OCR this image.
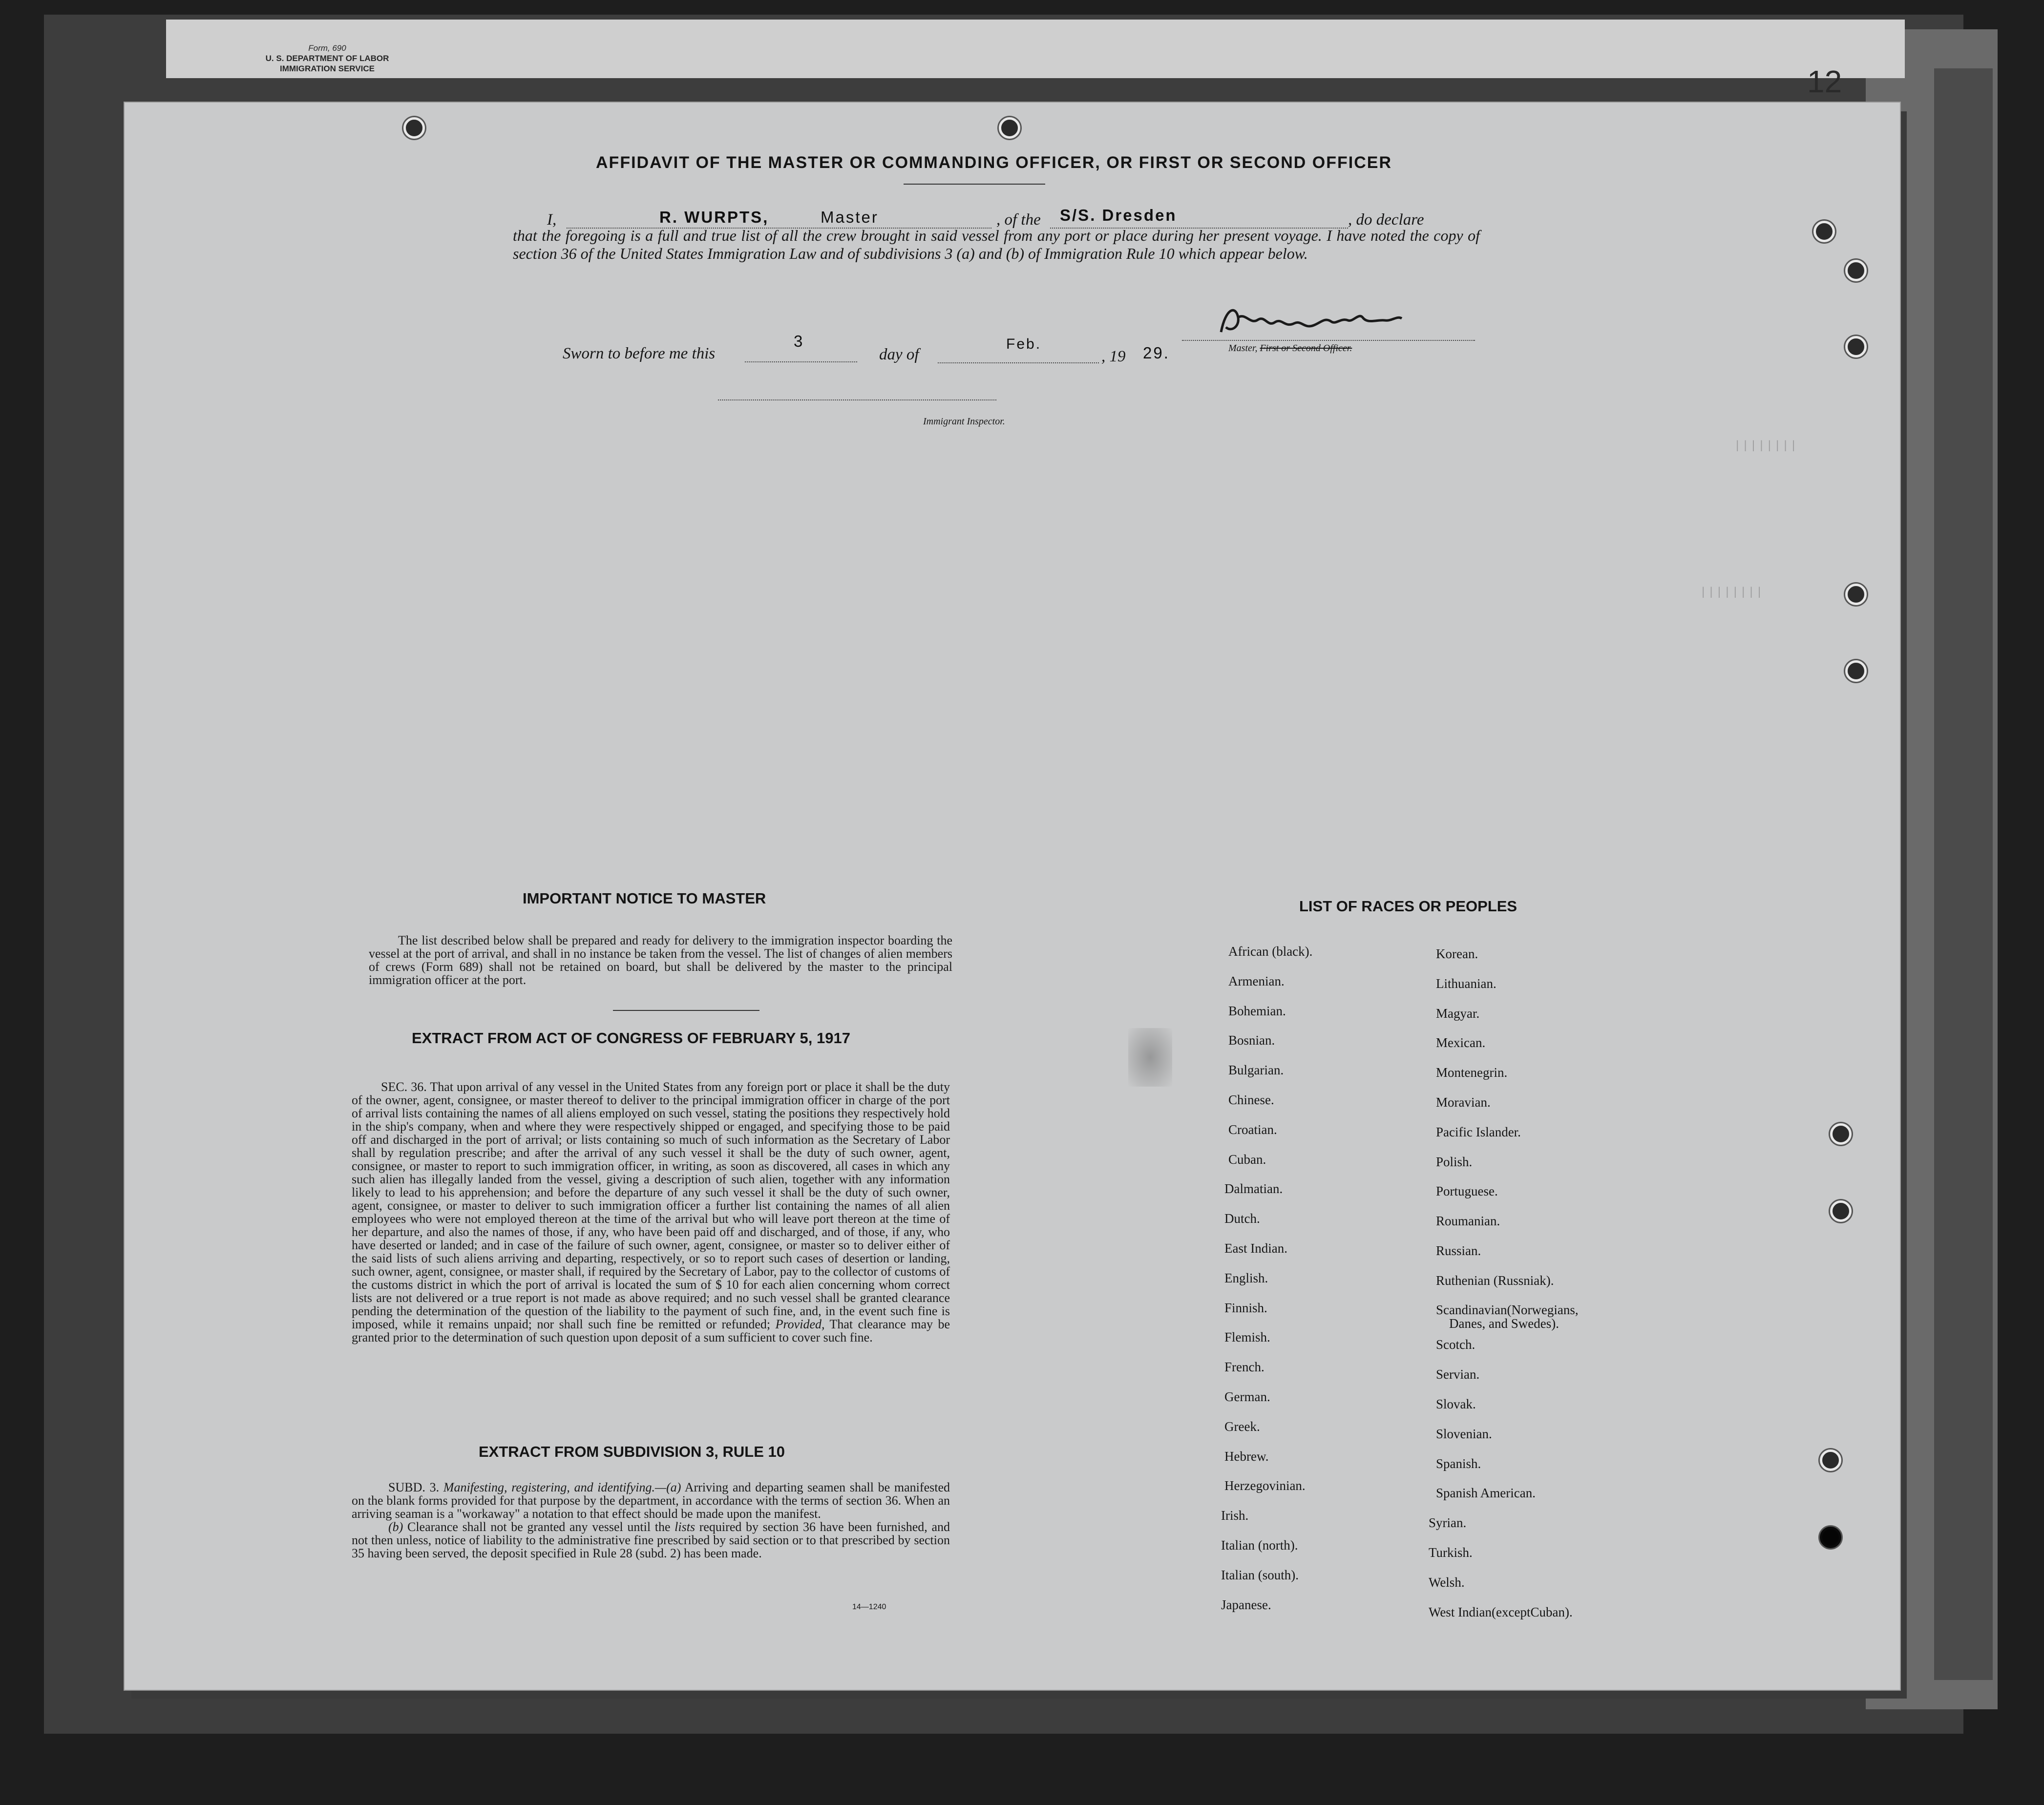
Form, 690
U. S. DEPARTMENT OF LABOR
IMMIGRATION SERVICE	12
||||||||
||||||||
AFFIDAVIT OF THE MASTER OR COMMANDING OFFICER, OR FIRST OR SECOND OFFICER
I,	R. WURPTS,	Master	, of the S/S. Dresden	, do declare
that the foregoing is a full and true list of all the crew brought in said vessel from any port or place during her present voyage. I have noted the copy of section 36 of the United States Immigration Law and of subdivisions 3 (a) and (b) of Immigration Rule 10 which appear below.
Sworn to before me this
3
day of
Feb.
, 19 29.	Master, First or Second Officer.
Immigrant Inspector.
IMPORTANT NOTICE TO MASTER
The list described below shall be prepared and ready for delivery to the immigration inspector boarding the vessel at the port of arrival, and shall in no instance be taken from the vessel. The list of changes of alien members of crews (Form 689) shall not be retained on board, but shall be delivered by the master to the principal immigration officer at the port.
EXTRACT FROM ACT OF CONGRESS OF FEBRUARY 5, 1917
SEC. 36. That upon arrival of any vessel in the United States from any foreign port or place it shall be the duty of the owner, agent, consignee, or master thereof to deliver to the principal immigration officer in charge of the port of arrival lists containing the names of all aliens employed on such vessel, stating the positions they respectively hold in the ship's company, when and where they were respectively shipped or engaged, and specifying those to be paid off and discharged in the port of arrival; or lists containing so much of such information as the Secretary of Labor shall by regulation prescribe; and after the arrival of any such vessel it shall be the duty of such owner, agent, consignee, or master to report to such immigration officer, in writing, as soon as discovered, all cases in which any such alien has illegally landed from the vessel, giving a description of such alien, together with any information likely to lead to his apprehension; and before the departure of any such vessel it shall be the duty of such owner, agent, consignee, or master to deliver to such immigration officer a further list containing the names of all alien employees who were not employed thereon at the time of the arrival but who will leave port thereon at the time of her departure, and also the names of those, if any, who have been paid off and discharged, and of those, if any, who have deserted or landed; and in case of the failure of such owner, agent, consignee, or master so to deliver either of the said lists of such aliens arriving and departing, respectively, or so to report such cases of desertion or landing, such owner, agent, consignee, or master shall, if required by the Secretary of Labor, pay to the collector of customs of the customs district in which the port of arrival is located the sum of $ 10 for each alien concerning whom correct lists are not delivered or a true report is not made as above required; and no such vessel shall be granted clearance pending the determination of the question of the liability to the payment of such fine, and, in the event such fine is imposed, while it remains unpaid; nor shall such fine be remitted or refunded; Provided, That clearance may be granted prior to the determination of such question upon deposit of a sum sufficient to cover such fine.
EXTRACT FROM SUBDIVISION 3, RULE 10
SUBD. 3. Manifesting, registering, and identifying.—(a) Arriving and departing seamen shall be manifested on the blank forms provided for that purpose by the department, in accordance with the terms of section 36. When an arriving seaman is a "workaway" a notation to that effect should be made upon the manifest.
(b) Clearance shall not be granted any vessel until the lists required by section 36 have been furnished, and not then unless, notice of liability to the administrative fine prescribed by said section or to that prescribed by section 35 having been served, the deposit specified in Rule 28 (subd. 2) has been made.
14—1240
LIST OF RACES OR PEOPLES
African (black).
Armenian.
Bohemian.
Bosnian.
Bulgarian.
Chinese.
Croatian.
Cuban.
Dalmatian.
Dutch.
East Indian.
English.
Finnish.
Flemish.
French.
German.
Greek.
Hebrew.
Herzegovinian.
Irish.
Italian (north).
Italian (south).
Japanese.
Korean.
Lithuanian.
Magyar.
Mexican.
Montenegrin.
Moravian.
Pacific Islander.
Polish.
Portuguese.
Roumanian.
Russian.
Ruthenian (Russniak).
Scandinavian(Norwegians,
Danes, and Swedes).
Scotch.
Servian.
Slovak.
Slovenian.
Spanish.
Spanish American.
Syrian.
Turkish.
Welsh.
West Indian(exceptCuban).
